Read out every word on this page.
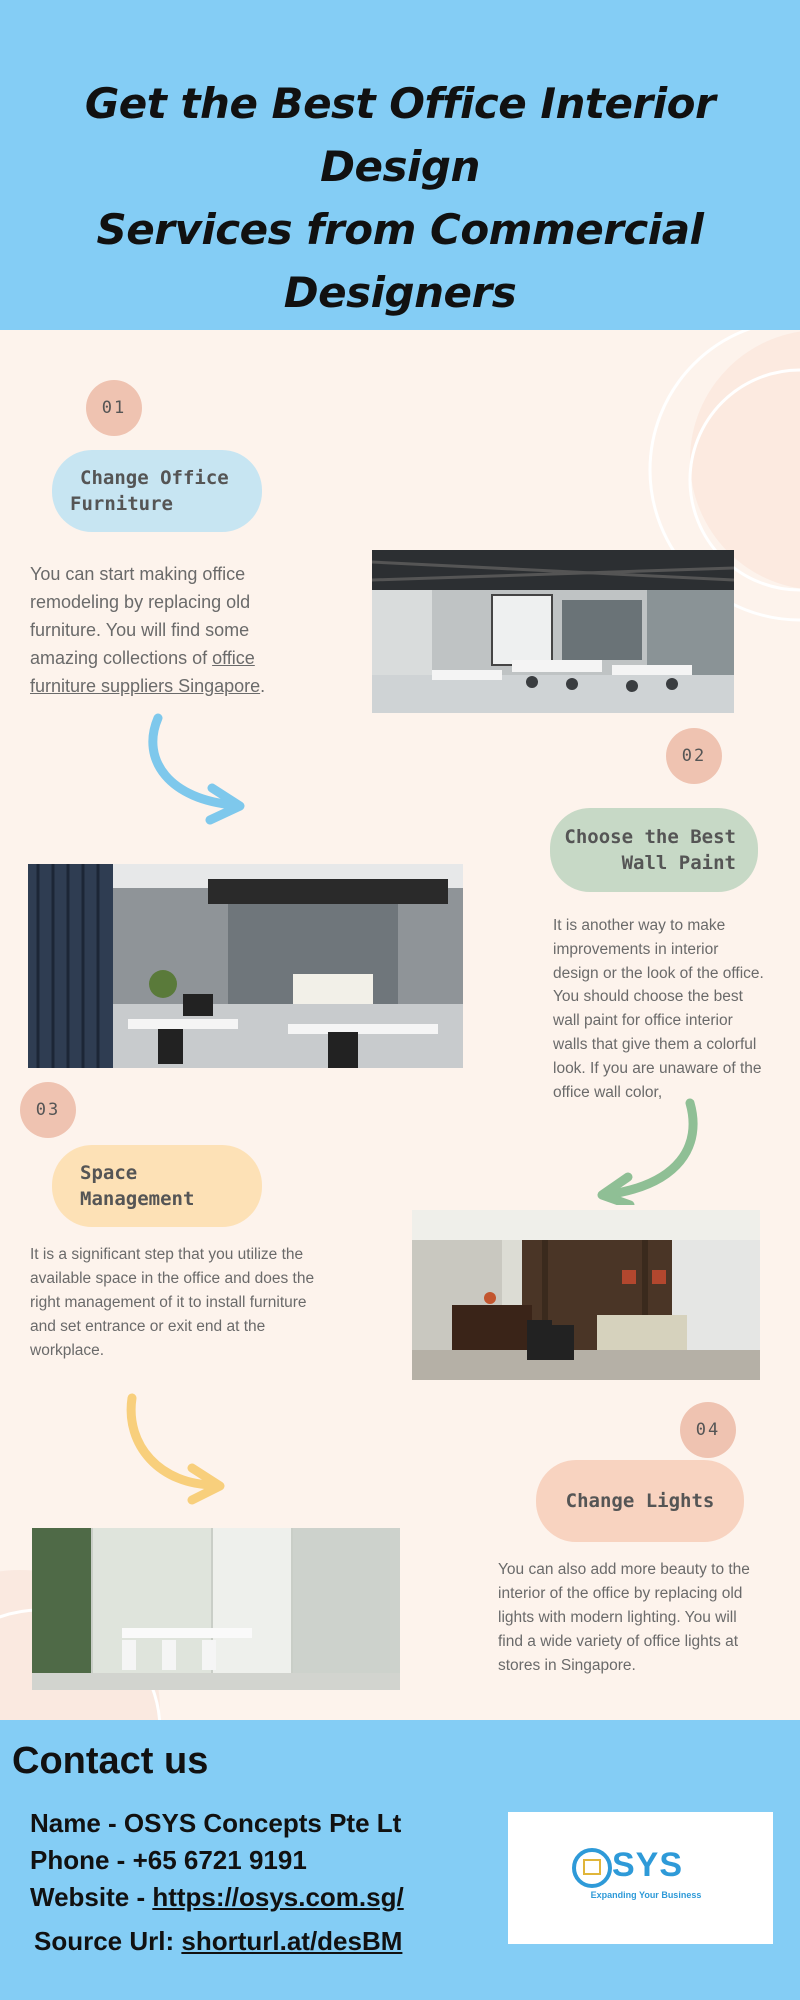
Get the Best Office Interior Design
Services from Commercial Designers
01
Change Office
Furniture
You can start making office
remodeling by replacing old
furniture. You will find some
amazing collections of office
furniture suppliers Singapore.
02
Choose the Best
Wall Paint
It is another way to make
improvements in interior
design or the look of the office.
You should choose the best
wall paint for office interior
walls that give them a colorful
look. If you are unaware of the
office wall color,
03
Space
Management
It is a significant step that you utilize the
available space in the office and does the
right management of it to install furniture
and set entrance or exit end at the
workplace.
04
Change Lights
You can also add more beauty to the
interior of the office by replacing old
lights with modern lighting. You will
find a wide variety of office lights at
stores in Singapore.
Contact us
Name - OSYS Concepts Pte Lt
Phone - +65 6721 9191
Website - https://osys.com.sg/
Source Url: shorturl.at/desBM
SYS
Expanding Your Business
